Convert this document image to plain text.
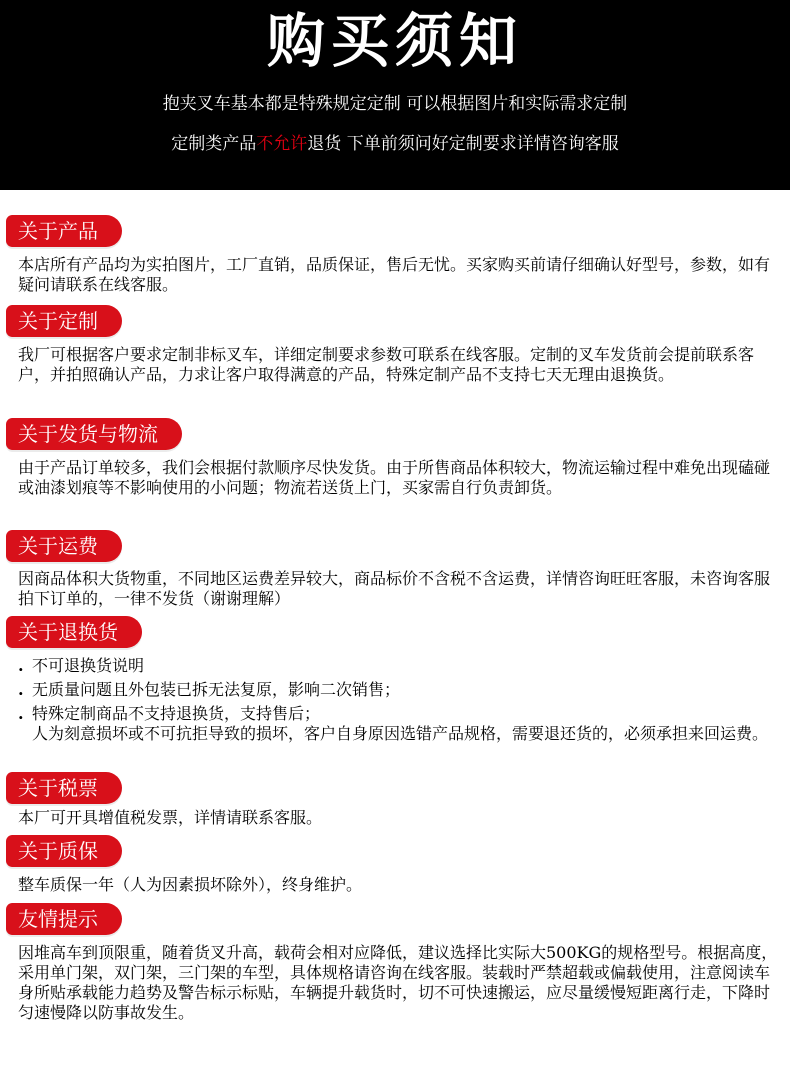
购买须知
抱夹叉车基本都是特殊规定定制 可以根据图片和实际需求定制
定制类产品不允许退货 下单前须问好定制要求详情咨询客服
关于产品
本店所有产品均为实拍图片，工厂直销，品质保证，售后无忧。买家购买前请仔细确认好型号，参数，如有疑问请联系在线客服。
关于定制
我厂可根据客户要求定制非标叉车，详细定制要求参数可联系在线客服。定制的叉车发货前会提前联系客户，并拍照确认产品，力求让客户取得满意的产品，特殊定制产品不支持七天无理由退换货。
关于发货与物流
由于产品订单较多，我们会根据付款顺序尽快发货。由于所售商品体积较大，物流运输过程中难免出现磕碰或油漆划痕等不影响使用的小问题；物流若送货上门，买家需自行负责卸货。
关于运费
因商品体积大货物重，不同地区运费差异较大，商品标价不含税不含运费，详情咨询旺旺客服，未咨询客服拍下订单的，一律不发货（谢谢理解）
关于退换货
. 不可退换货说明
. 无质量问题且外包装已拆无法复原，影响二次销售；
. 特殊定制商品不支持退换货，支持售后；
人为刻意损坏或不可抗拒导致的损坏，客户自身原因选错产品规格，需要退还货的，必须承担来回运费。
关于税票
本厂可开具增值税发票，详情请联系客服。
关于质保
整车质保一年（人为因素损坏除外），终身维护。
友情提示
因堆高车到顶限重，随着货叉升高，载荷会相对应降低，建议选择比实际大500KG的规格型号。根据高度，采用单门架，双门架，三门架的车型，具体规格请咨询在线客服。装载时严禁超载或偏载使用，注意阅读车身所贴承载能力趋势及警告标示标贴，车辆提升载货时，切不可快速搬运，应尽量缓慢短距离行走，下降时匀速慢降以防事故发生。
